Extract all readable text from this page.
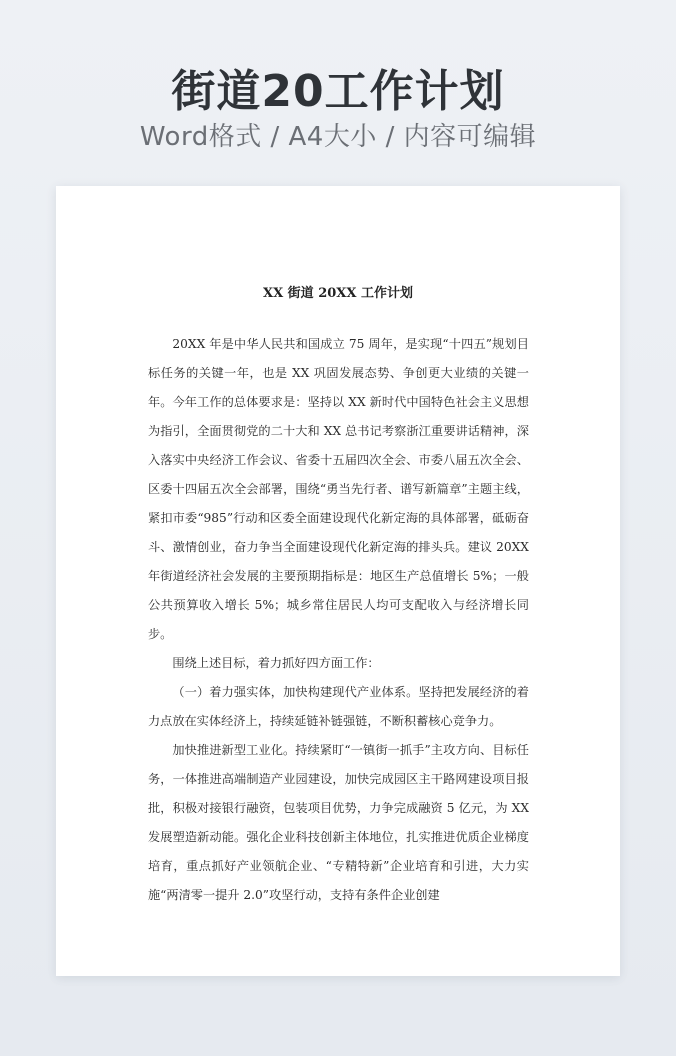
街道20工作计划
Word格式 / A4大小 / 内容可编辑
XX 街道 20XX 工作计划

20XX 年是中华人民共和国成立 75 周年，是实现“十四五”规划目标任务的关键一年，也是 XX 巩固发展态势、争创更大业绩的关键一年。今年工作的总体要求是：坚持以 XX 新时代中国特色社会主义思想为指引，全面贯彻党的二十大和 XX 总书记考察浙江重要讲话精神，深入落实中央经济工作会议、省委十五届四次全会、市委八届五次全会、区委十四届五次全会部署，围绕“勇当先行者、谱写新篇章”主题主线，紧扣市委“985”行动和区委全面建设现代化新定海的具体部署，砥砺奋斗、激情创业，奋力争当全面建设现代化新定海的排头兵。建议 20XX 年街道经济社会发展的主要预期指标是：地区生产总值增长 5%；一般公共预算收入增长 5%；城乡常住居民人均可支配收入与经济增长同步。

围绕上述目标，着力抓好四方面工作：

（一）着力强实体，加快构建现代产业体系。坚持把发展经济的着力点放在实体经济上，持续延链补链强链，不断积蓄核心竞争力。

加快推进新型工业化。持续紧盯“一镇街一抓手”主攻方向、目标任务，一体推进高端制造产业园建设，加快完成园区主干路网建设项目报批，积极对接银行融资，包装项目优势，力争完成融资 5 亿元，为 XX 发展塑造新动能。强化企业科技创新主体地位，扎实推进优质企业梯度培育，重点抓好产业领航企业、“专精特新”企业培育和引进，大力实施“两清零一提升 2.0”攻坚行动，支持有条件企业创建
